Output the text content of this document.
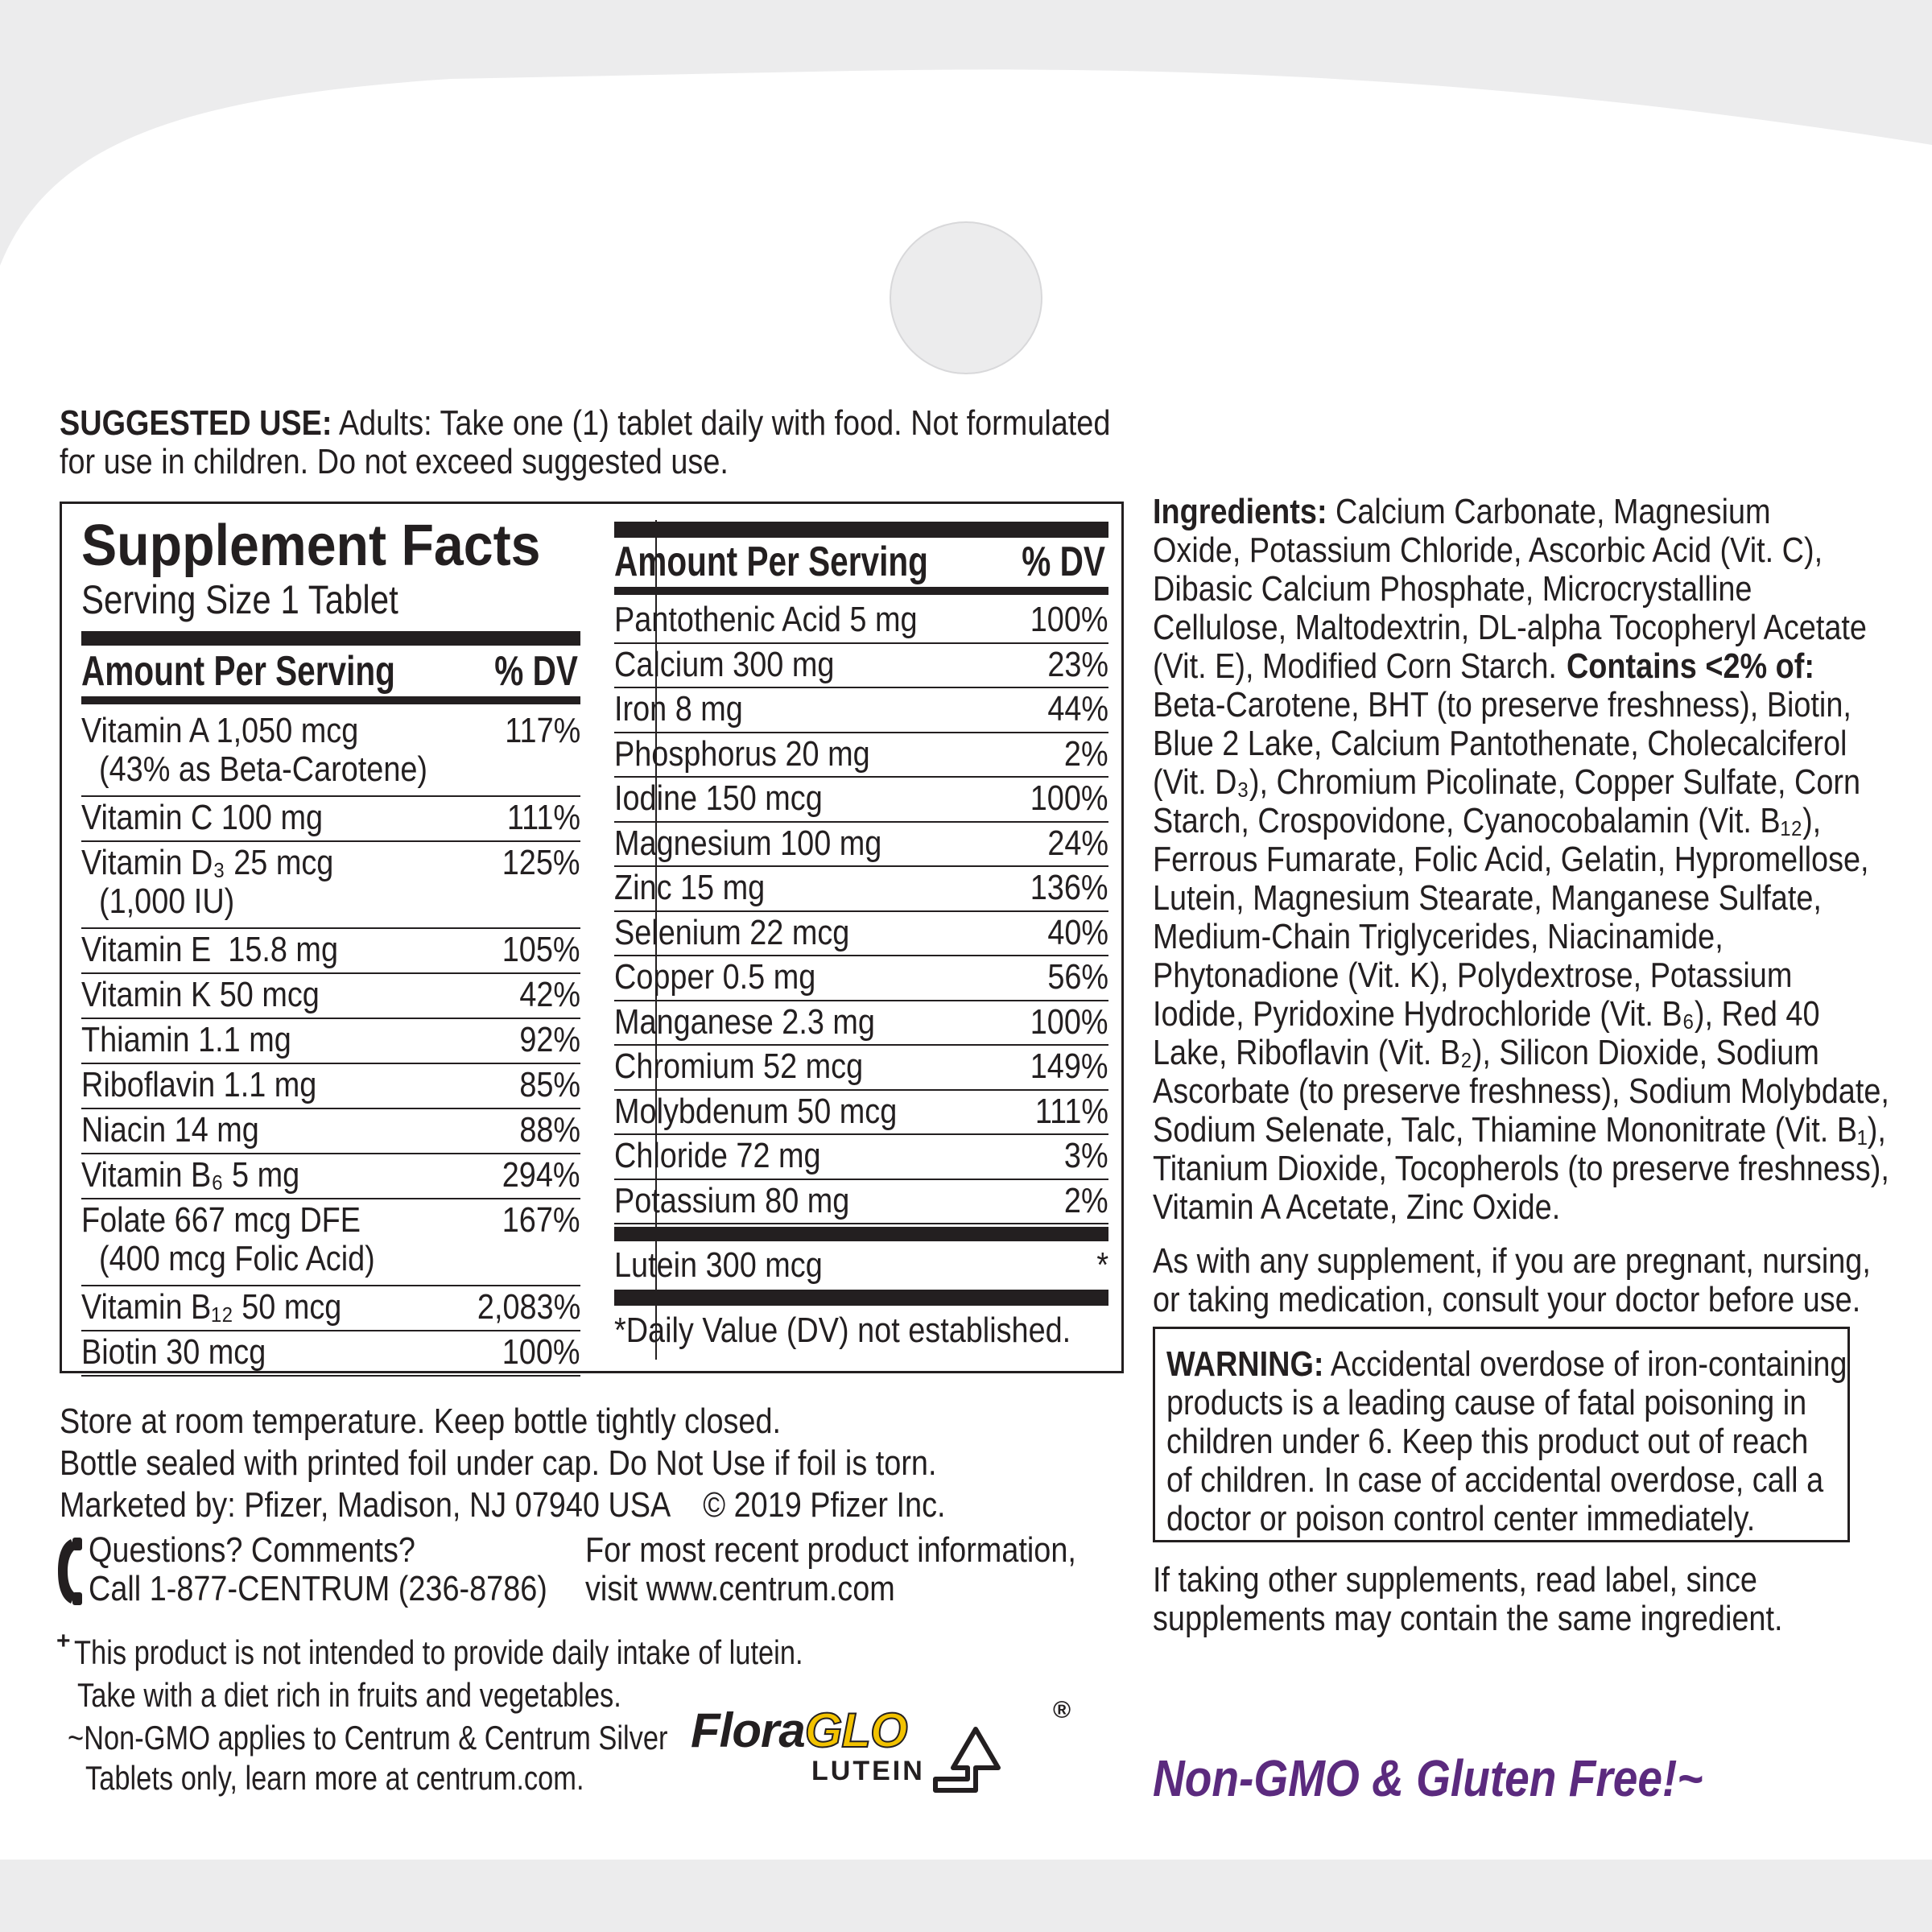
SUGGESTED USE: Adults: Take one (1) tablet daily with food. Not formulated
for use in children. Do not exceed suggested use.
Supplement Facts
Serving Size 1 Tablet
Amount Per Serving % DV
Vitamin A 1,050 mcg
(43% as Beta-Carotene)
117%
Vitamin C 100 mg	111%
Vitamin D₃ 25 mcg
(1,000 IU)
125%
Vitamin E  15.8 mg	105%
Vitamin K 50 mcg	42%
Thiamin 1.1 mg	92%
Riboflavin 1.1 mg	85%
Niacin 14 mg	88%
Vitamin B₆ 5 mg	294%
Folate 667 mcg DFE
(400 mcg Folic Acid)
167%
Vitamin B₁₂ 50 mcg	2,083%
Biotin 30 mcg	100%
Amount Per Serving % DV
Pantothenic Acid 5 mg	100%
Calcium 300 mg	23%
Iron 8 mg	44%
Phosphorus 20 mg	2%
Iodine 150 mcg	100%
Magnesium 100 mg	24%
Zinc 15 mg	136%
Selenium 22 mcg	40%
Copper 0.5 mg	56%
Manganese 2.3 mg	100%
Chromium 52 mcg	149%
Molybdenum 50 mcg	111%
Chloride 72 mg	3%
Potassium 80 mg	2%
Lutein 300 mcg	*
*Daily Value (DV) not established.
Ingredients: Calcium Carbonate, Magnesium
Oxide, Potassium Chloride, Ascorbic Acid (Vit. C),
Dibasic Calcium Phosphate, Microcrystalline
Cellulose, Maltodextrin, DL-alpha Tocopheryl Acetate
(Vit. E), Modified Corn Starch. Contains <2% of:
Beta-Carotene, BHT (to preserve freshness), Biotin,
Blue 2 Lake, Calcium Pantothenate, Cholecalciferol
(Vit. D₃), Chromium Picolinate, Copper Sulfate, Corn
Starch, Crospovidone, Cyanocobalamin (Vit. B₁₂),
Ferrous Fumarate, Folic Acid, Gelatin, Hypromellose,
Lutein, Magnesium Stearate, Manganese Sulfate,
Medium-Chain Triglycerides, Niacinamide,
Phytonadione (Vit. K), Polydextrose, Potassium
Iodide, Pyridoxine Hydrochloride (Vit. B₆), Red 40
Lake, Riboflavin (Vit. B₂), Silicon Dioxide, Sodium
Ascorbate (to preserve freshness), Sodium Molybdate,
Sodium Selenate, Talc, Thiamine Mononitrate (Vit. B₁),
Titanium Dioxide, Tocopherols (to preserve freshness),
Vitamin A Acetate, Zinc Oxide.
As with any supplement, if you are pregnant, nursing,
or taking medication, consult your doctor before use.
WARNING: Accidental overdose of iron-containing
products is a leading cause of fatal poisoning in
children under 6. Keep this product out of reach
of children. In case of accidental overdose, call a
doctor or poison control center immediately.
If taking other supplements, read label, since
supplements may contain the same ingredient.
Store at room temperature. Keep bottle tightly closed.
Bottle sealed with printed foil under cap. Do Not Use if foil is torn.
Marketed by: Pfizer, Madison, NJ 07940 USA    © 2019 Pfizer Inc.
Questions? Comments?
Call 1-877-CENTRUM (236-8786)
For most recent product information,
visit www.centrum.com
+ This product is not intended to provide daily intake of lutein.
Take with a diet rich in fruits and vegetables.
~Non-GMO applies to Centrum & Centrum Silver
Tablets only, learn more at centrum.com.
FloraGLO
LUTEIN
®
Non-GMO & Gluten Free!~
